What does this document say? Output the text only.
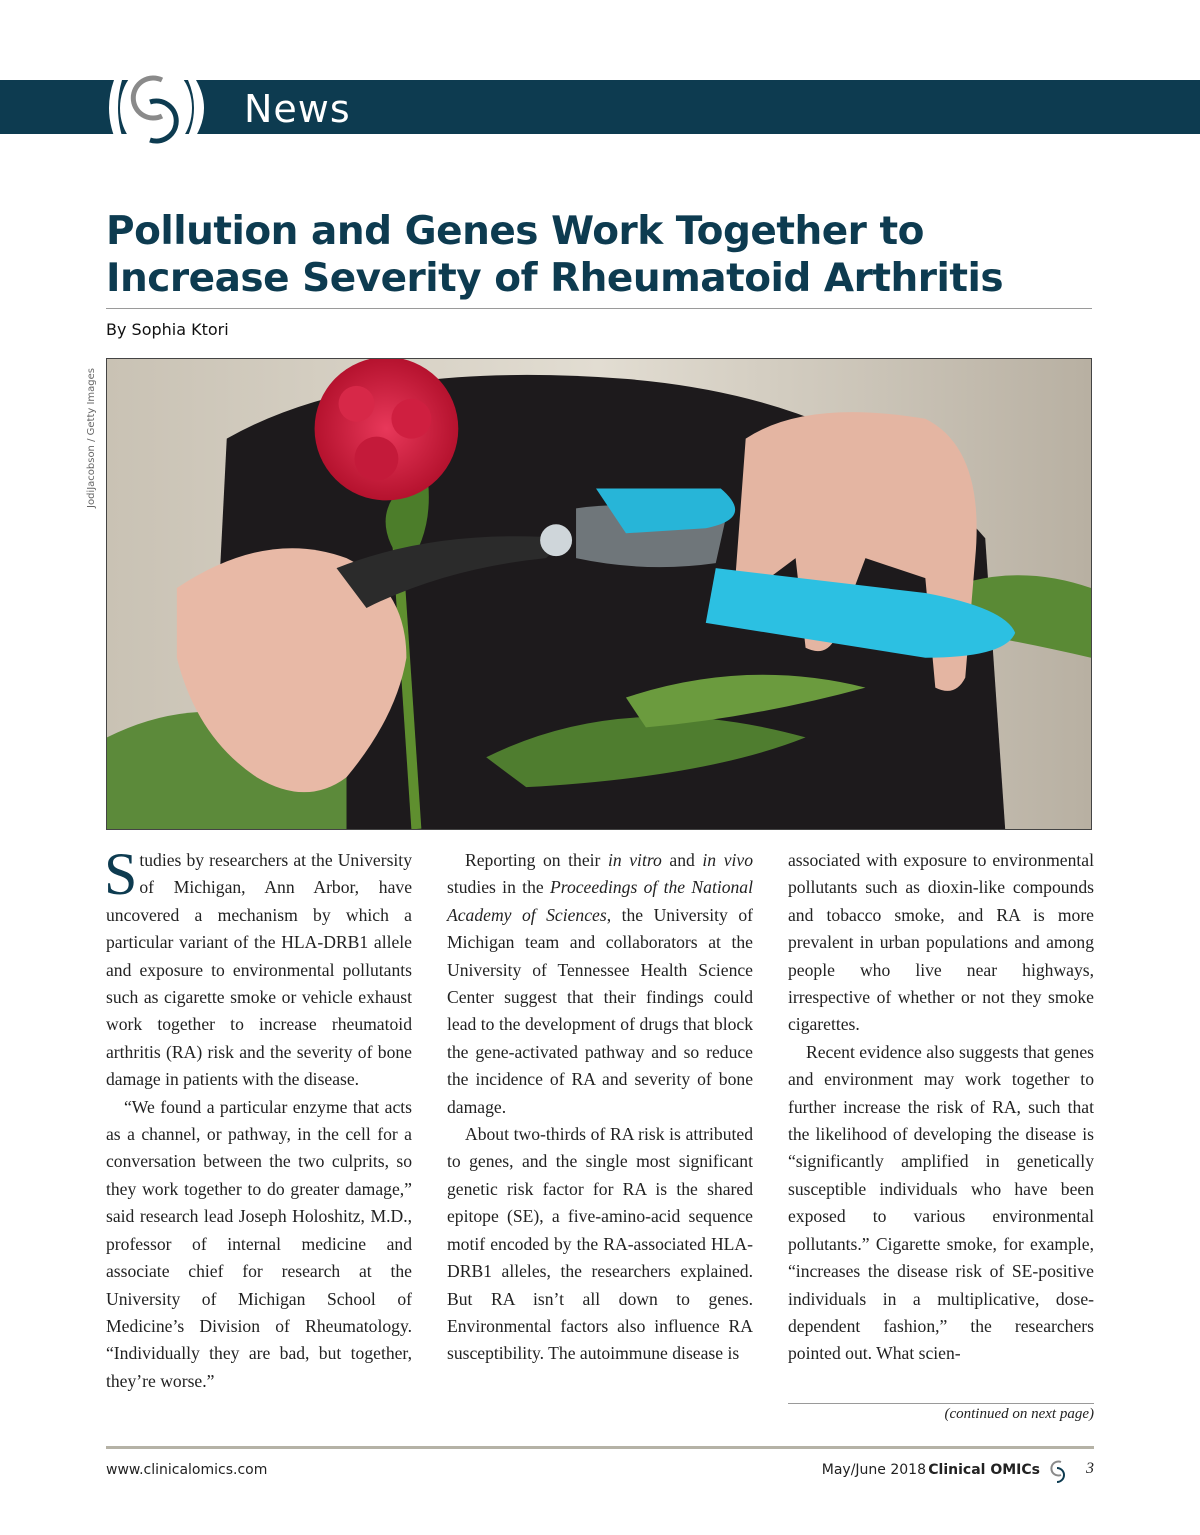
News
Pollution and Genes Work Together to Increase Severity of Rheumatoid Arthritis
By Sophia Ktori
JodiJacobson / Getty Images

Studies by researchers at the University of Michigan, Ann Arbor, have uncovered a mechanism by which a particular variant of the HLA-DRB1 allele and exposure to environmental pollutants such as cigarette smoke or vehicle exhaust work together to increase rheumatoid arthritis (RA) risk and the severity of bone damage in patients with the disease.

“We found a particular enzyme that acts as a channel, or pathway, in the cell for a conversation between the two culprits, so they work together to do greater damage,” said research lead Joseph Holoshitz, M.D., professor of internal medicine and associate chief for research at the University of Michigan School of Medicine’s Division of Rheumatology. “Individually they are bad, but together, they’re worse.”

Reporting on their in vitro and in vivo studies in the Proceedings of the National Academy of Sciences, the University of Michigan team and collaborators at the University of Tennessee Health Science Center suggest that their findings could lead to the development of drugs that block the gene-activated pathway and so reduce the incidence of RA and severity of bone damage.

About two-thirds of RA risk is attributed to genes, and the single most significant genetic risk factor for RA is the shared epitope (SE), a five-amino-acid sequence motif encoded by the RA-associated HLA-DRB1 alleles, the researchers explained. But RA isn’t all down to genes. Environmental factors also influence RA susceptibility. The autoimmune disease is

associated with exposure to environmental pollutants such as dioxin-like compounds and tobacco smoke, and RA is more prevalent in urban populations and among people who live near highways, irrespective of whether or not they smoke cigarettes.

Recent evidence also suggests that genes and environment may work together to further increase the risk of RA, such that the likelihood of developing the disease is “significantly amplified in genetically susceptible individuals who have been exposed to various environmental pollutants.” Cigarette smoke, for example, “increases the disease risk of SE-positive individuals in a multiplicative, dose-dependent fashion,” the researchers pointed out. What scien-

(continued on next page)
www.clinicalomics.com	May/June 2018 Clinical OMICs	3
